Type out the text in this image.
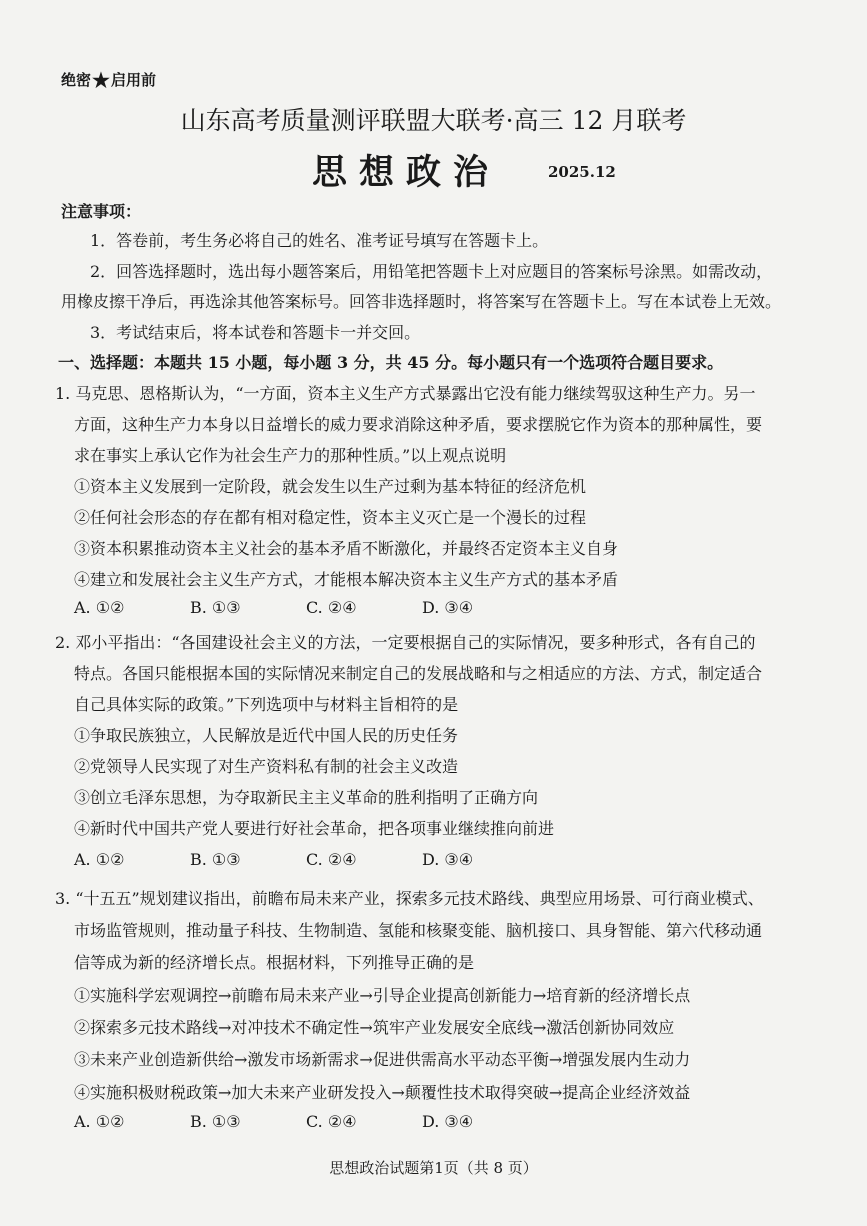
绝密★启用前
山东高考质量测评联盟大联考·高三 12 月联考
思想政治	2025.12
注意事项：
1．答卷前，考生务必将自己的姓名、准考证号填写在答题卡上。
2．回答选择题时，选出每小题答案后，用铅笔把答题卡上对应题目的答案标号涂黑。如需改动，
用橡皮擦干净后，再选涂其他答案标号。回答非选择题时，将答案写在答题卡上。写在本试卷上无效。
3．考试结束后，将本试卷和答题卡一并交回。
一、选择题：本题共 15 小题，每小题 3 分，共 45 分。每小题只有一个选项符合题目要求。
1. 马克思、恩格斯认为，“一方面，资本主义生产方式暴露出它没有能力继续驾驭这种生产力。另一
方面，这种生产力本身以日益增长的威力要求消除这种矛盾，要求摆脱它作为资本的那种属性，要
求在事实上承认它作为社会生产力的那种性质。”以上观点说明
①资本主义发展到一定阶段，就会发生以生产过剩为基本特征的经济危机
②任何社会形态的存在都有相对稳定性，资本主义灭亡是一个漫长的过程
③资本积累推动资本主义社会的基本矛盾不断激化，并最终否定资本主义自身
④建立和发展社会主义生产方式，才能根本解决资本主义生产方式的基本矛盾
A. ①②	B. ①③	C. ②④	D. ③④
2. 邓小平指出：“各国建设社会主义的方法，一定要根据自己的实际情况，要多种形式，各有自己的
特点。各国只能根据本国的实际情况来制定自己的发展战略和与之相适应的方法、方式，制定适合
自己具体实际的政策。”下列选项中与材料主旨相符的是
①争取民族独立，人民解放是近代中国人民的历史任务
②党领导人民实现了对生产资料私有制的社会主义改造
③创立毛泽东思想，为夺取新民主主义革命的胜利指明了正确方向
④新时代中国共产党人要进行好社会革命，把各项事业继续推向前进
A. ①②	B. ①③	C. ②④	D. ③④
3. “十五五”规划建议指出，前瞻布局未来产业，探索多元技术路线、典型应用场景、可行商业模式、
市场监管规则，推动量子科技、生物制造、氢能和核聚变能、脑机接口、具身智能、第六代移动通
信等成为新的经济增长点。根据材料，下列推导正确的是
①实施科学宏观调控→前瞻布局未来产业→引导企业提高创新能力→培育新的经济增长点
②探索多元技术路线→对冲技术不确定性→筑牢产业发展安全底线→激活创新协同效应
③未来产业创造新供给→激发市场新需求→促进供需高水平动态平衡→增强发展内生动力
④实施积极财税政策→加大未来产业研发投入→颠覆性技术取得突破→提高企业经济效益
A. ①②	B. ①③	C. ②④	D. ③④
思想政治试题第1页（共 8 页）
